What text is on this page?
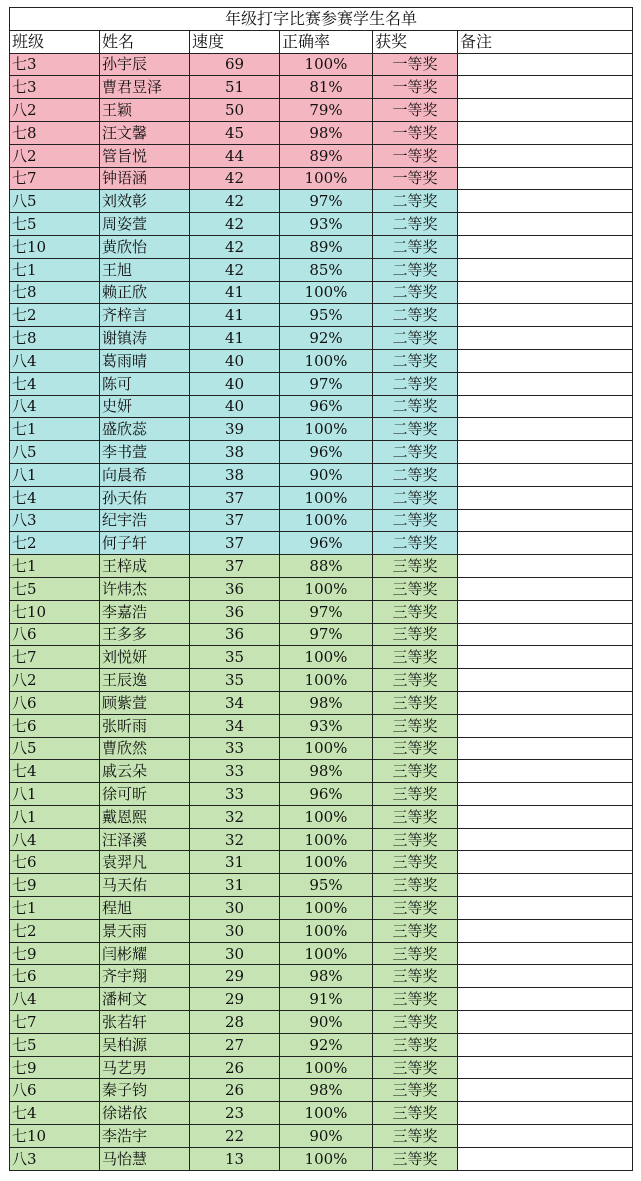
年级打字比赛参赛学生名单					
班级	姓名	速度	正确率	获奖	备注
七3	孙宇辰	69	100%	一等奖	
七3	曹君昱泽	51	81%	一等奖	
八2	王颖	50	79%	一等奖	
七8	汪文馨	45	98%	一等奖	
八2	管旨悦	44	89%	一等奖	
七7	钟语涵	42	100%	一等奖	
八5	刘效彰	42	97%	二等奖	
七5	周姿萱	42	93%	二等奖	
七10	黄欣怡	42	89%	二等奖	
七1	王旭	42	85%	二等奖	
七8	赖正欣	41	100%	二等奖	
七2	齐梓言	41	95%	二等奖	
七8	谢镇涛	41	92%	二等奖	
八4	葛雨晴	40	100%	二等奖	
七4	陈可	40	97%	二等奖	
八4	史妍	40	96%	二等奖	
七1	盛欣蕊	39	100%	二等奖	
八5	李书萱	38	96%	二等奖	
八1	向晨希	38	90%	二等奖	
七4	孙天佑	37	100%	二等奖	
八3	纪宇浩	37	100%	二等奖	
七2	何子轩	37	96%	二等奖	
七1	王梓成	37	88%	三等奖	
七5	许炜杰	36	100%	三等奖	
七10	李嘉浩	36	97%	三等奖	
八6	王多多	36	97%	三等奖	
七7	刘悦妍	35	100%	三等奖	
八2	王辰逸	35	100%	三等奖	
八6	顾紫萱	34	98%	三等奖	
七6	张昕雨	34	93%	三等奖	
八5	曹欣然	33	100%	三等奖	
七4	戚云朵	33	98%	三等奖	
八1	徐可昕	33	96%	三等奖	
八1	戴恩熙	32	100%	三等奖	
八4	汪泽溪	32	100%	三等奖	
七6	袁羿凡	31	100%	三等奖	
七9	马天佑	31	95%	三等奖	
七1	程旭	30	100%	三等奖	
七2	景天雨	30	100%	三等奖	
七9	闫彬耀	30	100%	三等奖	
七6	齐宇翔	29	98%	三等奖	
八4	潘柯文	29	91%	三等奖	
七7	张若轩	28	90%	三等奖	
七5	吴柏源	27	92%	三等奖	
七9	马艺男	26	100%	三等奖	
八6	秦子钧	26	98%	三等奖	
七4	徐诺依	23	100%	三等奖	
七10	李浩宇	22	90%	三等奖	
八3	马怡慧	13	100%	三等奖	
